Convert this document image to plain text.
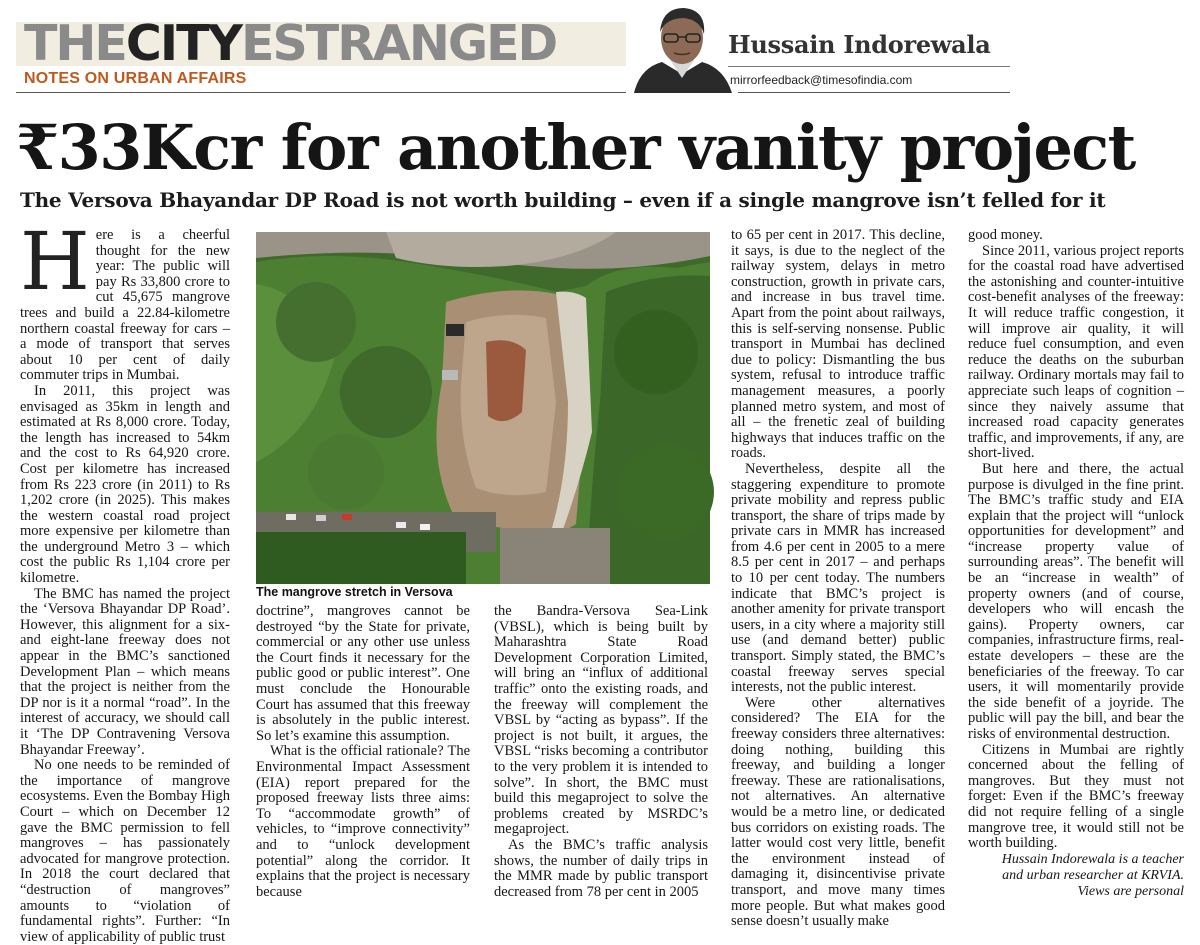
THECITYESTRANGED
NOTES ON URBAN AFFAIRS
Hussain Indorewala
mirrorfeedback@timesofindia.com
₹33Kcr for another vanity project
The Versova Bhayandar DP Road is not worth building – even if a single mangrove isn’t felled for it
H ere is a cheerful thought for the new year: The public will pay Rs 33,800 crore to cut 45,675 mangrove trees and build a 22.84-kilometre northern coastal freeway for cars – a mode of transport that serves about 10 per cent of daily commuter trips in Mumbai.

In 2011, this project was envisaged as 35km in length and estimated at Rs 8,000 crore. Today, the length has increased to 54km and the cost to Rs 64,920 crore. Cost per kilometre has increased from Rs 223 crore (in 2011) to Rs 1,202 crore (in 2025). This makes the western coastal road project more expensive per kilometre than the underground Metro 3 – which cost the public Rs 1,104 crore per kilometre.

The BMC has named the project the ‘Versova Bhayandar DP Road’. However, this alignment for a six- and eight-lane freeway does not appear in the BMC’s sanctioned Development Plan – which means that the project is neither from the DP nor is it a normal “road”. In the interest of accuracy, we should call it ‘The DP Contravening Versova Bhayandar Freeway’.

No one needs to be reminded of the importance of mangrove ecosystems. Even the Bombay High Court – which on December 12 gave the BMC permission to fell mangroves – has passionately advocated for mangrove protection. In 2018 the court declared that “destruction of mangroves” amounts to “violation of fundamental rights”. Further: “In view of applicability of public trust

The mangrove stretch in Versova

doctrine”, mangroves cannot be destroyed “by the State for private, commercial or any other use unless the Court finds it necessary for the public good or public interest”. One must conclude the Honourable Court has assumed that this freeway is absolutely in the public interest. So let’s examine this assumption.

What is the official rationale? The Environmental Impact Assessment (EIA) report prepared for the proposed freeway lists three aims: To “accommodate growth” of vehicles, to “improve connectivity” and to “unlock development potential” along the corridor. It explains that the project is necessary because

the Bandra-Versova Sea-Link (VBSL), which is being built by Maharashtra State Road Development Corporation Limited, will bring an “influx of additional traffic” onto the existing roads, and the freeway will complement the VBSL by “acting as bypass”. If the project is not built, it argues, the VBSL “risks becoming a contributor to the very problem it is intended to solve”. In short, the BMC must build this megaproject to solve the problems created by MSRDC’s megaproject.

As the BMC’s traffic analysis shows, the number of daily trips in the MMR made by public transport decreased from 78 per cent in 2005

to 65 per cent in 2017. This decline, it says, is due to the neglect of the railway system, delays in metro construction, growth in private cars, and increase in bus travel time. Apart from the point about railways, this is self-serving nonsense. Public transport in Mumbai has declined due to policy: Dismantling the bus system, refusal to introduce traffic management measures, a poorly planned metro system, and most of all – the frenetic zeal of building highways that induces traffic on the roads.

Nevertheless, despite all the staggering expenditure to promote private mobility and repress public transport, the share of trips made by private cars in MMR has increased from 4.6 per cent in 2005 to a mere 8.5 per cent in 2017 – and perhaps to 10 per cent today. The numbers indicate that BMC’s project is another amenity for private transport users, in a city where a majority still use (and demand better) public transport. Simply stated, the BMC’s coastal freeway serves special interests, not the public interest.

Were other alternatives considered? The EIA for the freeway considers three alternatives: doing nothing, building this freeway, and building a longer freeway. These are rationalisations, not alternatives. An alternative would be a metro line, or dedicated bus corridors on existing roads. The latter would cost very little, benefit the environment instead of damaging it, disincentivise private transport, and move many times more people. But what makes good sense doesn’t usually make

good money.

Since 2011, various project reports for the coastal road have advertised the astonishing and counter-intuitive cost-benefit analyses of the freeway: It will reduce traffic congestion, it will improve air quality, it will reduce fuel consumption, and even reduce the deaths on the suburban railway. Ordinary mortals may fail to appreciate such leaps of cognition – since they naively assume that increased road capacity generates traffic, and improvements, if any, are short-lived.

But here and there, the actual purpose is divulged in the fine print. The BMC’s traffic study and EIA explain that the project will “unlock opportunities for development” and “increase property value of surrounding areas”. The benefit will be an “increase in wealth” of property owners (and of course, developers who will encash the gains). Property owners, car companies, infrastructure firms, real-estate developers – these are the beneficiaries of the freeway. To car users, it will momentarily provide the side benefit of a joyride. The public will pay the bill, and bear the risks of environmental destruction.

Citizens in Mumbai are rightly concerned about the felling of mangroves. But they must not forget: Even if the BMC’s freeway did not require felling of a single mangrove tree, it would still not be worth building.

Hussain Indorewala is a teacher
and urban researcher at KRVIA.
Views are personal
